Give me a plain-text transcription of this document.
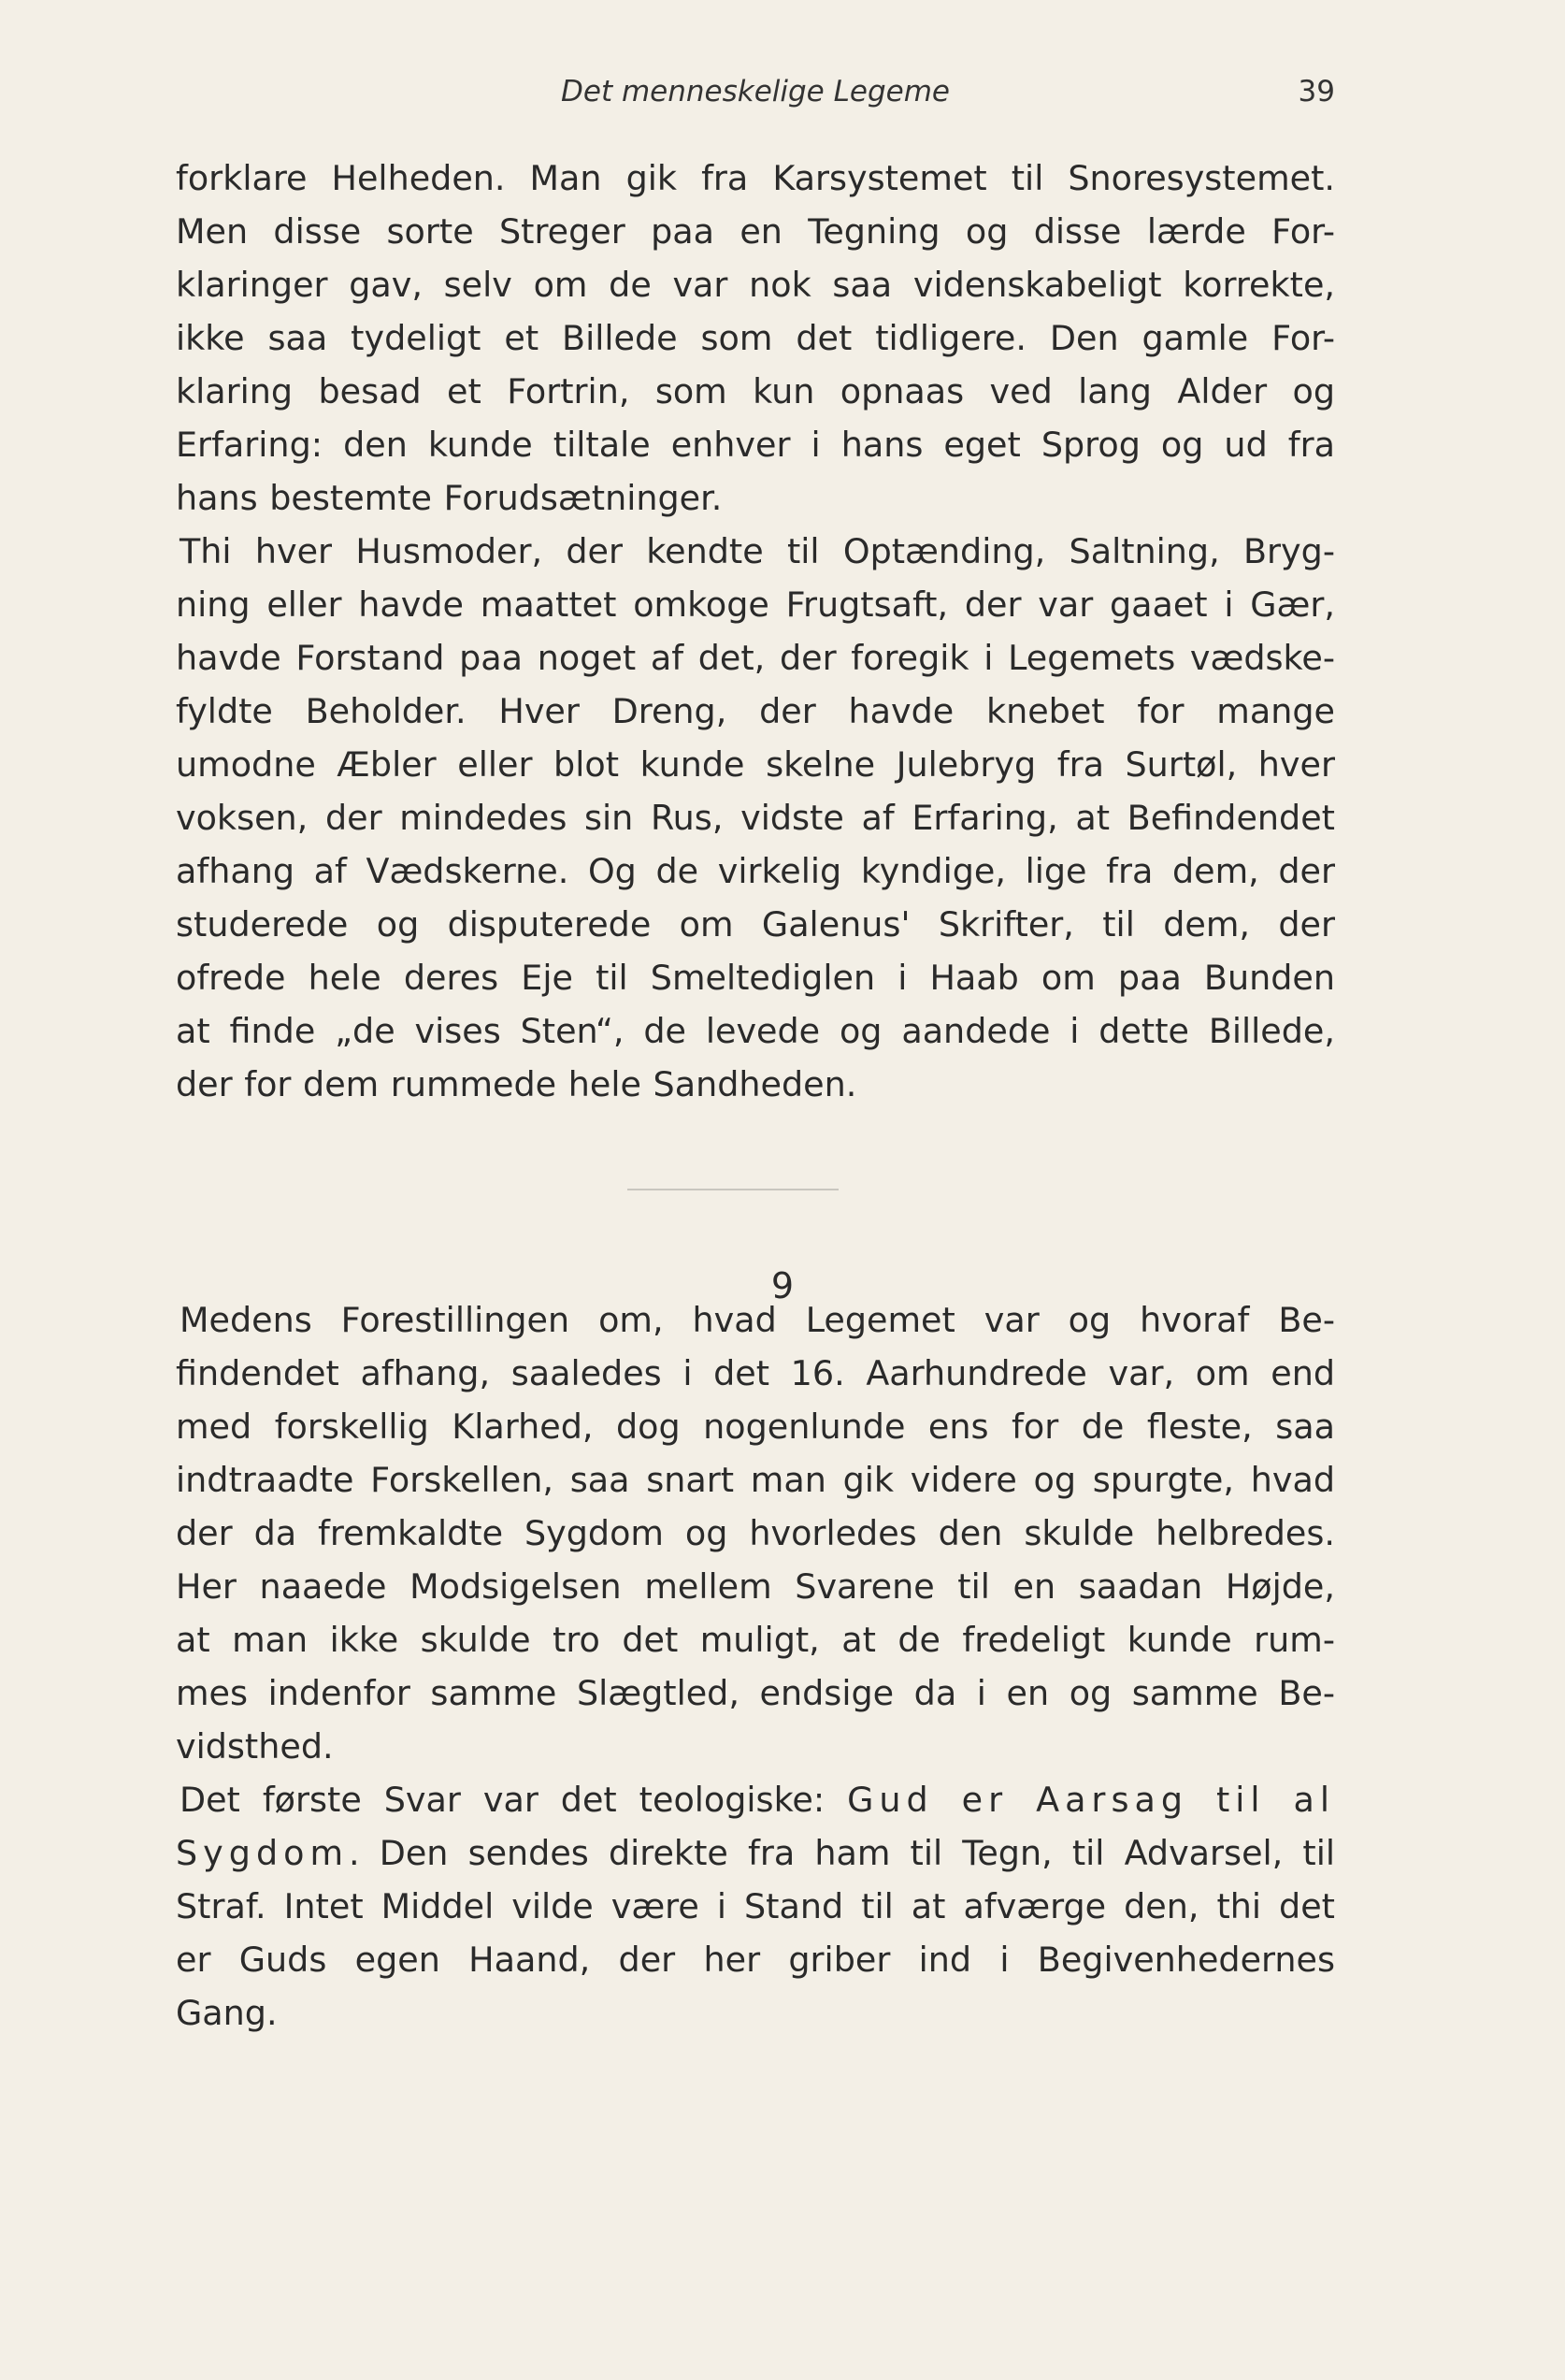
Det menneskelige Legeme	39
forklare Helheden. Man gik fra Karsystemet til Snoresystemet.
Men disse sorte Streger paa en Tegning og disse lærde For-
klaringer gav, selv om de var nok saa videnskabeligt korrekte,
ikke saa tydeligt et Billede som det tidligere. Den gamle For-
klaring besad et Fortrin, som kun opnaas ved lang Alder og
Erfaring: den kunde tiltale enhver i hans eget Sprog og ud fra
hans bestemte Forudsætninger.
Thi hver Husmoder, der kendte til Optænding, Saltning, Bryg-
ning eller havde maattet omkoge Frugtsaft, der var gaaet i Gær,
havde Forstand paa noget af det, der foregik i Legemets vædske-
fyldte Beholder. Hver Dreng, der havde knebet for mange
umodne Æbler eller blot kunde skelne Julebryg fra Surtøl, hver
voksen, der mindedes sin Rus, vidste af Erfaring, at Befindendet
afhang af Vædskerne. Og de virkelig kyndige, lige fra dem, der
studerede og disputerede om Galenus' Skrifter, til dem, der
ofrede hele deres Eje til Smeltediglen i Haab om paa Bunden
at finde „de vises Sten“, de levede og aandede i dette Billede,
der for dem rummede hele Sandheden.
9
Medens Forestillingen om, hvad Legemet var og hvoraf Be-
findendet afhang, saaledes i det 16. Aarhundrede var, om end
med forskellig Klarhed, dog nogenlunde ens for de fleste, saa
indtraadte Forskellen, saa snart man gik videre og spurgte, hvad
der da fremkaldte Sygdom og hvorledes den skulde helbredes.
Her naaede Modsigelsen mellem Svarene til en saadan Højde,
at man ikke skulde tro det muligt, at de fredeligt kunde rum-
mes indenfor samme Slægtled, endsige da i en og samme Be-
vidsthed.
Det første Svar var det teologiske: Gud er Aarsag til al
Sygdom. Den sendes direkte fra ham til Tegn, til Advarsel, til
Straf. Intet Middel vilde være i Stand til at afværge den, thi det
er Guds egen Haand, der her griber ind i Begivenhedernes
Gang.
